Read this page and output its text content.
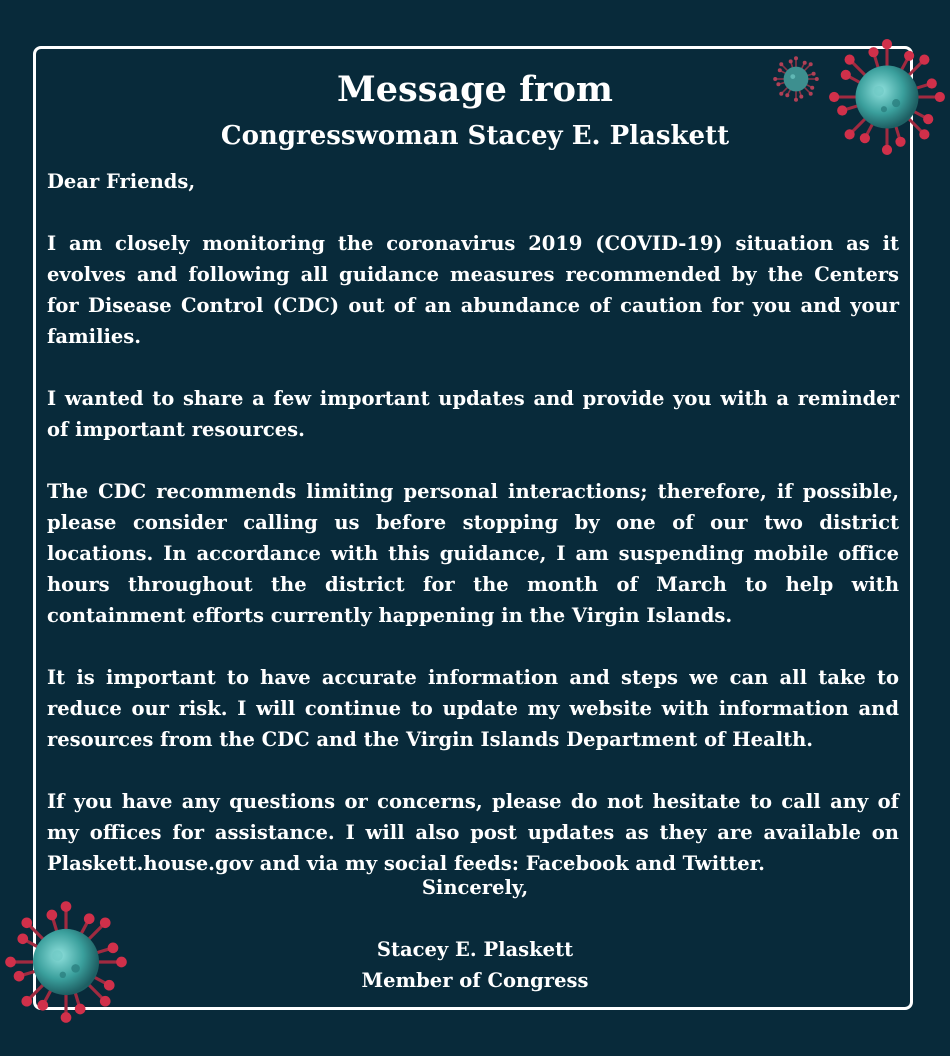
Message from
Congresswoman Stacey E. Plaskett

Dear Friends,

I am closely monitoring the coronavirus 2019 (COVID-19) situation as it evolves and following all guidance measures recommended by the Centers for Disease Control (CDC) out of an abundance of caution for you and your families.

I wanted to share a few important updates and provide you with a reminder of important resources.

The CDC recommends limiting personal interactions; therefore, if possible, please consider calling us before stopping by one of our two district locations. In accordance with this guidance, I am suspending mobile office hours throughout the district for the month of March to help with containment efforts currently happening in the Virgin Islands.

It is important to have accurate information and steps we can all take to reduce our risk. I will continue to update my website with information and resources from the CDC and the Virgin Islands Department of Health.

If you have any questions or concerns, please do not hesitate to call any of my offices for assistance. I will also post updates as they are available on Plaskett.house.gov and via my social feeds: Facebook and Twitter.

Sincerely,
Stacey E. Plaskett
Member of Congress
